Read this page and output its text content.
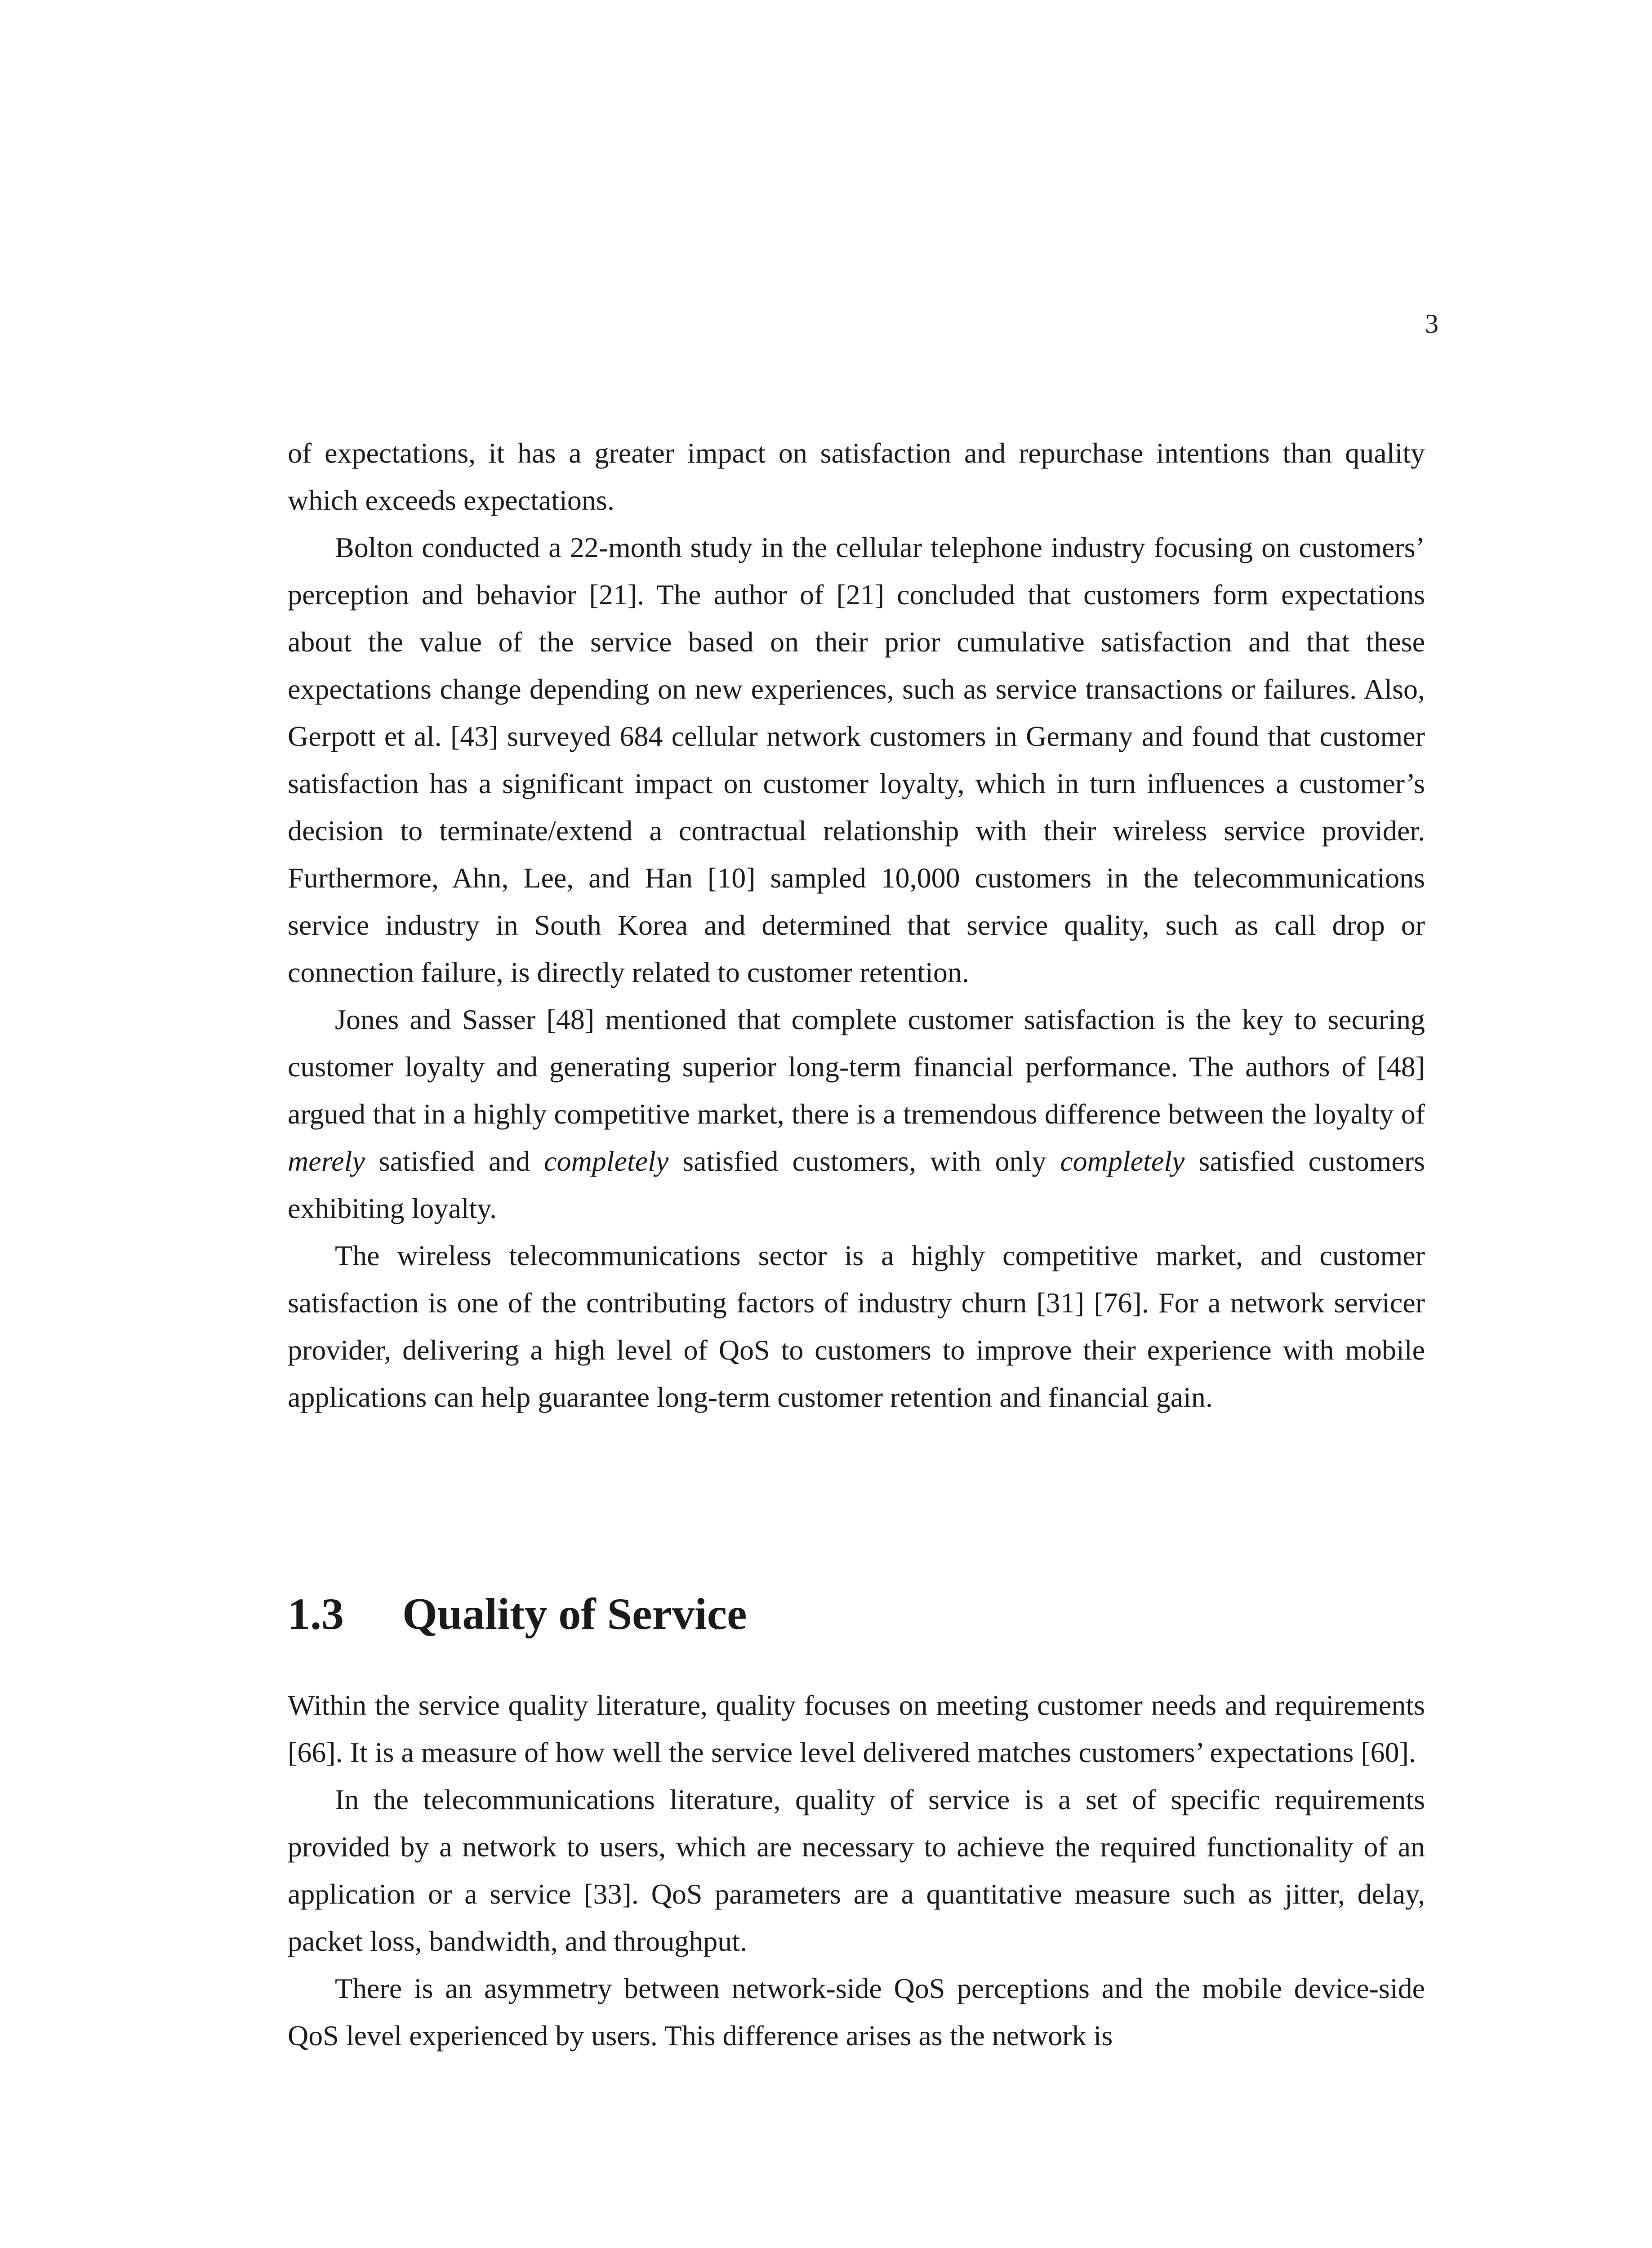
3

of expectations, it has a greater impact on satisfaction and repurchase intentions than quality which exceeds expectations.

Bolton conducted a 22-month study in the cellular telephone industry focusing on customers’ perception and behavior [21]. The author of [21] concluded that customers form expectations about the value of the service based on their prior cumulative satisfaction and that these expectations change depending on new experiences, such as service transactions or failures. Also, Gerpott et al. [43] surveyed 684 cellular network customers in Germany and found that customer satisfaction has a significant impact on customer loyalty, which in turn influences a customer’s decision to terminate/extend a contractual relationship with their wireless service provider. Furthermore, Ahn, Lee, and Han [10] sampled 10,000 customers in the telecommunications service industry in South Korea and determined that service quality, such as call drop or connection failure, is directly related to customer retention.

Jones and Sasser [48] mentioned that complete customer satisfaction is the key to securing customer loyalty and generating superior long-term financial performance. The authors of [48] argued that in a highly competitive market, there is a tremendous difference between the loyalty of merely satisfied and completely satisfied customers, with only completely satisfied customers exhibiting loyalty.

The wireless telecommunications sector is a highly competitive market, and customer satisfaction is one of the contributing factors of industry churn [31] [76]. For a network servicer provider, delivering a high level of QoS to customers to improve their experience with mobile applications can help guarantee long-term customer retention and financial gain.

1.3 Quality of Service

Within the service quality literature, quality focuses on meeting customer needs and requirements [66]. It is a measure of how well the service level delivered matches customers’ expectations [60].

In the telecommunications literature, quality of service is a set of specific requirements provided by a network to users, which are necessary to achieve the required functionality of an application or a service [33]. QoS parameters are a quantitative measure such as jitter, delay, packet loss, bandwidth, and throughput.

There is an asymmetry between network-side QoS perceptions and the mobile device-side QoS level experienced by users. This difference arises as the network is
